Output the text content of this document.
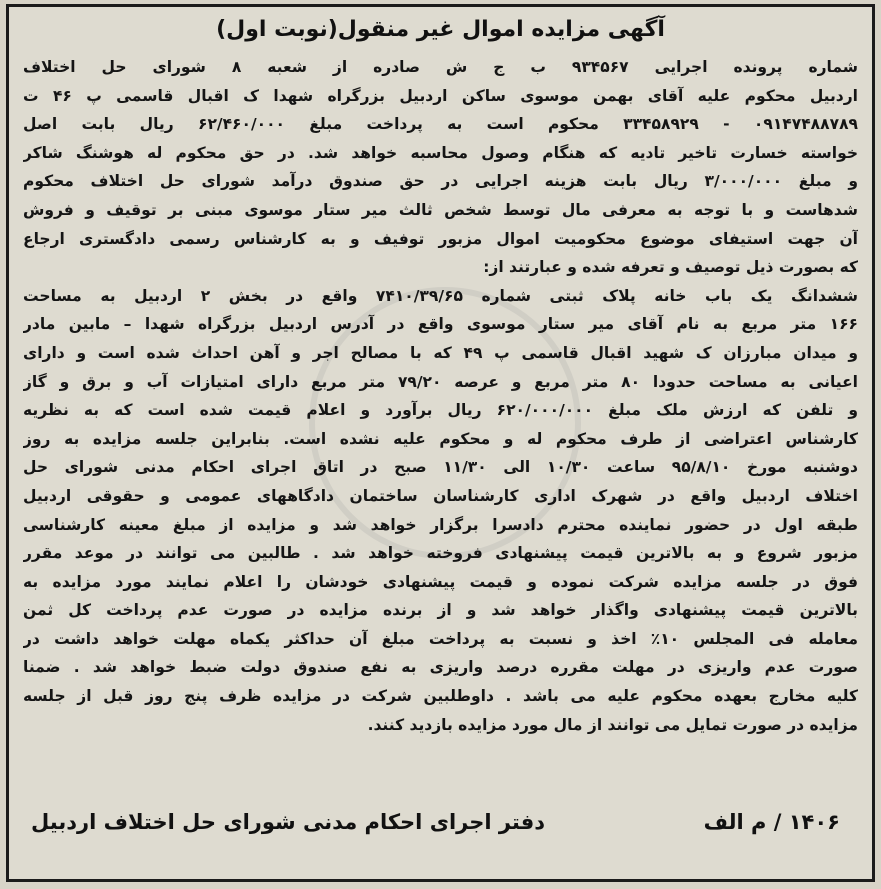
آگهی مزایده اموال غیر منقول(نوبت اول)
شماره پرونده اجرایی ۹۳۴۵۶۷ ب ج ش صادره از شعبه ۸ شورای حل اختلاف
اردبیل محکوم علیه آقای بهمن موسوی ساکن اردبیل بزرگراه شهدا ک اقبال قاسمی پ ۴۶ ت
۰۹۱۴۷۴۸۸۷۸۹ - ۳۳۴۵۸۹۲۹ محکوم است به پرداخت مبلغ ۶۲/۴۶۰/۰۰۰ ریال بابت اصل
خواسته خسارت تاخیر تادیه که هنگام وصول محاسبه خواهد شد. در حق محکوم له هوشنگ شاکر
و مبلغ ۳/۰۰۰/۰۰۰ ریال بابت هزینه اجرایی در حق صندوق درآمد شورای حل اختلاف محکوم
شدهاست و با توجه به معرفی مال توسط شخص ثالث میر ستار موسوی مبنی بر توقیف و فروش
آن جهت استیفای موضوع محکومیت اموال مزبور توفیف و به کارشناس رسمی دادگستری ارجاع
که بصورت ذیل توصیف و تعرفه شده و عبارتند از:
ششدانگ یک باب خانه پلاک ثبتی شماره ۷۴۱۰/۳۹/۶۵ واقع در بخش ۲ اردبیل به مساحت
۱۶۶ متر مربع به نام آقای میر ستار موسوی واقع در آدرس اردبیل بزرگراه شهدا – مابین مادر
و میدان مبارزان ک شهید اقبال قاسمی پ ۴۹ که با مصالح اجر و آهن احداث شده است و دارای
اعیانی به مساحت حدودا ۸۰ متر مربع و عرصه ۷۹/۲۰ متر مربع دارای امتیازات آب و برق و گاز
و تلفن که ارزش ملک مبلغ ۶۲۰/۰۰۰/۰۰۰ ریال برآورد و اعلام قیمت شده است که به نظریه
کارشناس اعتراضی از طرف محکوم له و محکوم علیه نشده است. بنابراین جلسه مزایده به روز
دوشنبه مورخ ۹۵/۸/۱۰ ساعت ۱۰/۳۰ الی ۱۱/۳۰ صبح در اتاق اجرای احکام مدنی شورای حل
اختلاف اردبیل واقع در شهرک اداری کارشناسان ساختمان دادگاههای عمومی و حقوقی اردبیل
طبقه اول در حضور نماینده محترم دادسرا برگزار خواهد شد و مزایده از مبلغ معینه کارشناسی
مزبور شروع و به بالاترین قیمت پیشنهادی فروخته خواهد شد . طالبین می توانند در موعد مقرر
فوق در جلسه مزایده شرکت نموده و قیمت پیشنهادی خودشان را اعلام نمایند مورد مزایده به
بالاترین قیمت پیشنهادی واگذار خواهد شد و از برنده مزایده در صورت عدم پرداخت کل ثمن
معامله فی المجلس ۱۰٪ اخذ و نسبت به پرداخت مبلغ آن حداکثر یکماه مهلت خواهد داشت در
صورت عدم واریزی در مهلت مقرره درصد واریزی به نفع صندوق دولت ضبط خواهد شد . ضمنا
کلیه مخارج بعهده محکوم علیه می باشد . داوطلبین شرکت در مزایده ظرف پنج روز قبل از جلسه
مزایده در صورت تمایل می توانند از مال مورد مزایده بازدید کنند.
۱۴۰۶ / م الف
دفتر اجرای احکام مدنی شورای حل اختلاف اردبیل
